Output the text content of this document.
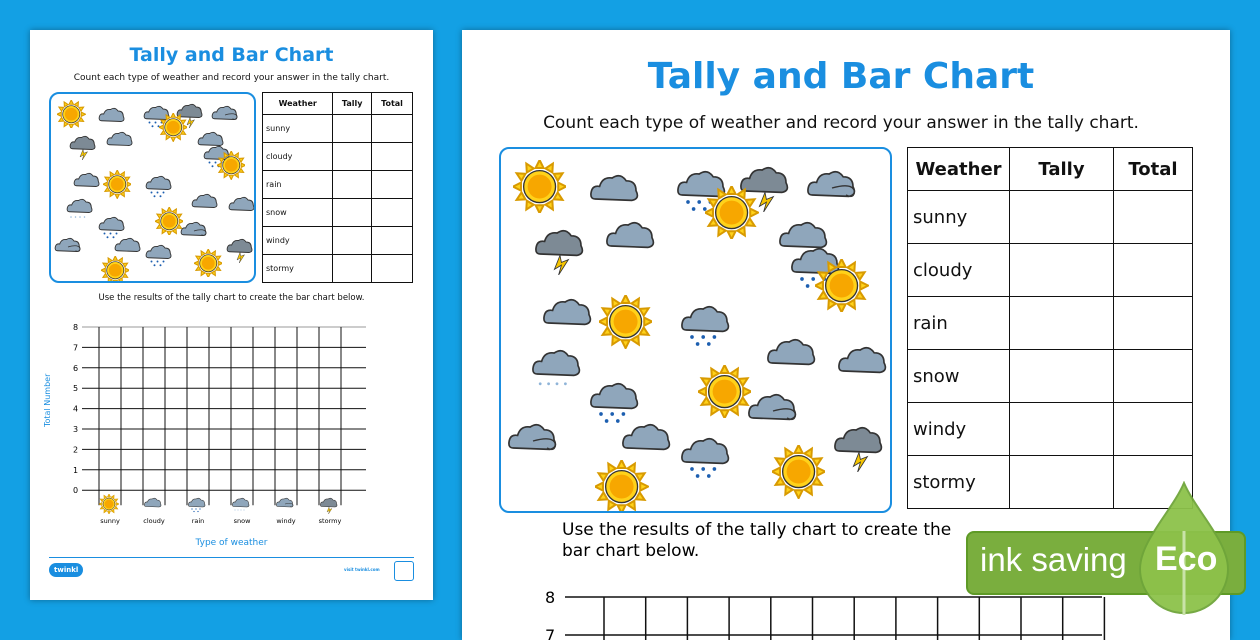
Tally and Bar Chart
Count each type of weather and record your answer in the tally chart.
Weather	Tally	Total
sunny		
cloudy		
rain		
snow		
windy		
stormy		
Use the results of the tally chart to create the bar chart below.
0
1
2
3
4
5
6
7
8
sunny	cloudy	rain	snow	windy	stormy
Total Number
Type of weather
twinkl	visit twinkl.com
Tally and Bar Chart
Count each type of weather and record your answer in the tally chart.
Weather	Tally	Total
sunny		
cloudy		
rain		
snow		
windy		
stormy		
Use the results of the tally chart to create the bar chart below.
8
7
ink saving Eco
